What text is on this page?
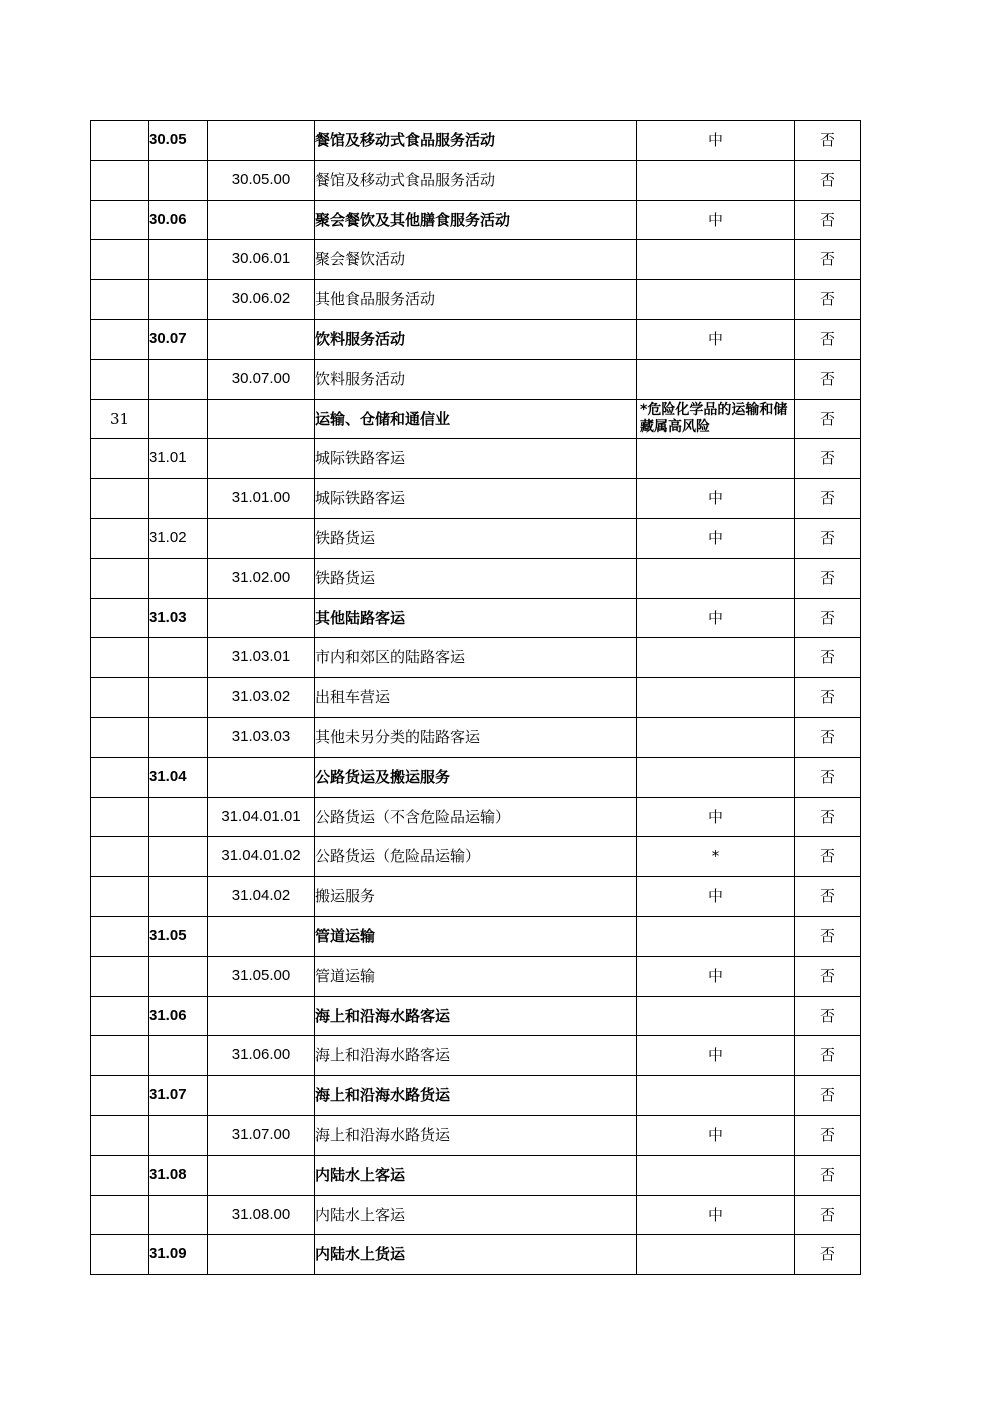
	30.05		餐馆及移动式食品服务活动	中	否
		30.05.00	餐馆及移动式食品服务活动		否
	30.06		聚会餐饮及其他膳食服务活动	中	否
		30.06.01	聚会餐饮活动		否
		30.06.02	其他食品服务活动		否
	30.07		饮料服务活动	中	否
		30.07.00	饮料服务活动		否
31			运输、仓储和通信业	*危险化学品的运输和储藏属高风险	否
	31.01		城际铁路客运		否
		31.01.00	城际铁路客运	中	否
	31.02		铁路货运	中	否
		31.02.00	铁路货运		否
	31.03		其他陆路客运	中	否
		31.03.01	市内和郊区的陆路客运		否
		31.03.02	出租车营运		否
		31.03.03	其他未另分类的陆路客运		否
	31.04		公路货运及搬运服务		否
		31.04.01.01	公路货运（不含危险品运输）	中	否
		31.04.01.02	公路货运（危险品运输）	*	否
		31.04.02	搬运服务	中	否
	31.05		管道运输		否
		31.05.00	管道运输	中	否
	31.06		海上和沿海水路客运		否
		31.06.00	海上和沿海水路客运	中	否
	31.07		海上和沿海水路货运		否
		31.07.00	海上和沿海水路货运	中	否
	31.08		内陆水上客运		否
		31.08.00	内陆水上客运	中	否
	31.09		内陆水上货运		否
